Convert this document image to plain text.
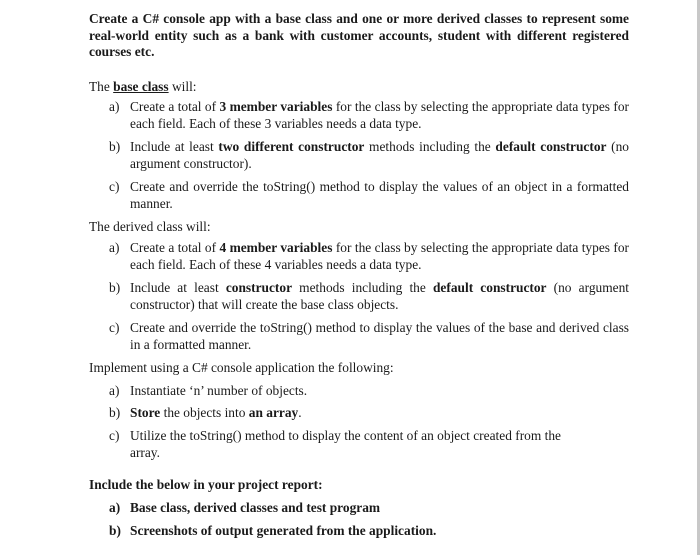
Create a C# console app with a base class and one or more derived classes to represent some real-world entity such as a bank with customer accounts, student with different registered courses etc.
The base class will:
a) Create a total of 3 member variables for the class by selecting the appropriate data types for each field. Each of these 3 variables needs a data type.
b) Include at least two different constructor methods including the default constructor (no argument constructor).
c) Create and override the toString() method to display the values of an object in a formatted manner.
The derived class will:
a) Create a total of 4 member variables for the class by selecting the appropriate data types for each field. Each of these 4 variables needs a data type.
b) Include at least constructor methods including the default constructor (no argument constructor) that will create the base class objects.
c) Create and override the toString() method to display the values of the base and derived class in a formatted manner.
Implement using a C# console application the following:
a) Instantiate ‘n’ number of objects.
b) Store the objects into an array.
c) Utilize the toString() method to display the content of an object created from the array.
Include the below in your project report:
a) Base class, derived classes and test program
b) Screenshots of output generated from the application.
